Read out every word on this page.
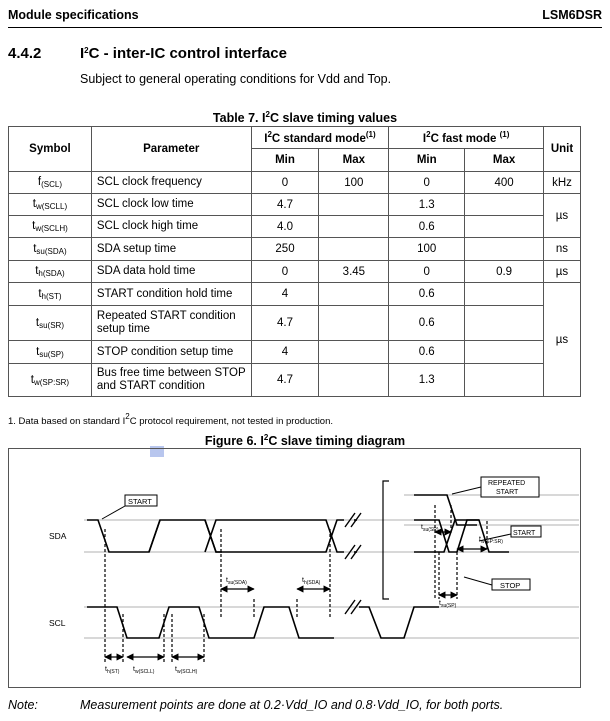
Module specifications	LSM6DSR
4.4.2	$I^2C$ - inter-IC control interface
Subject to general operating conditions for Vdd and Top.
Table 7. $I^2C$ slave timing values
Symbol	Parameter	$I^2C$ standard mode$^{(1)}$		$I^2C$ fast mode $^{(1)}$		Unit
		Min	Max	Min	Max	
$f_{(SCL)}$	SCL clock frequency	0	100	0	400	kHz
$t_{w(SCLL)}$	SCL clock low time	4.7		1.3		µs
$t_{w(SCLH)}$	SCL clock high time	4.0		0.6		
$t_{su(SDA)}$	SDA setup time	250		100		ns
$t_{h(SDA)}$	SDA data hold time	0	3.45	0	0.9	µs
$t_{h(ST)}$	START condition hold time	4		0.6		µs
$t_{su(SR)}$	Repeated START condition setup time	4.7		0.6		
$t_{su(SP)}$	STOP condition setup time	4		0.6		
$t_{w(SP:SR)}$	Bus free time between STOP and START condition	4.7		1.3		
1. Data based on standard $I^2C$ protocol requirement, not tested in production.
Figure 6. $I^2C$ slave timing diagram
SDA
SCL
START
REPEATED
START
START
STOP
$t_{su(SR)}$
$t_{w(SP:SR)}$
$t_{su(SDA)}$	$t_{h(SDA)}$
$t_{su(SP)}$
$t_{h(ST)}$ $t_{w(SCLL)}$	$t_{w(SCLH)}$
Note:	Measurement points are done at 0.2·Vdd_IO and 0.8·Vdd_IO, for both ports.
